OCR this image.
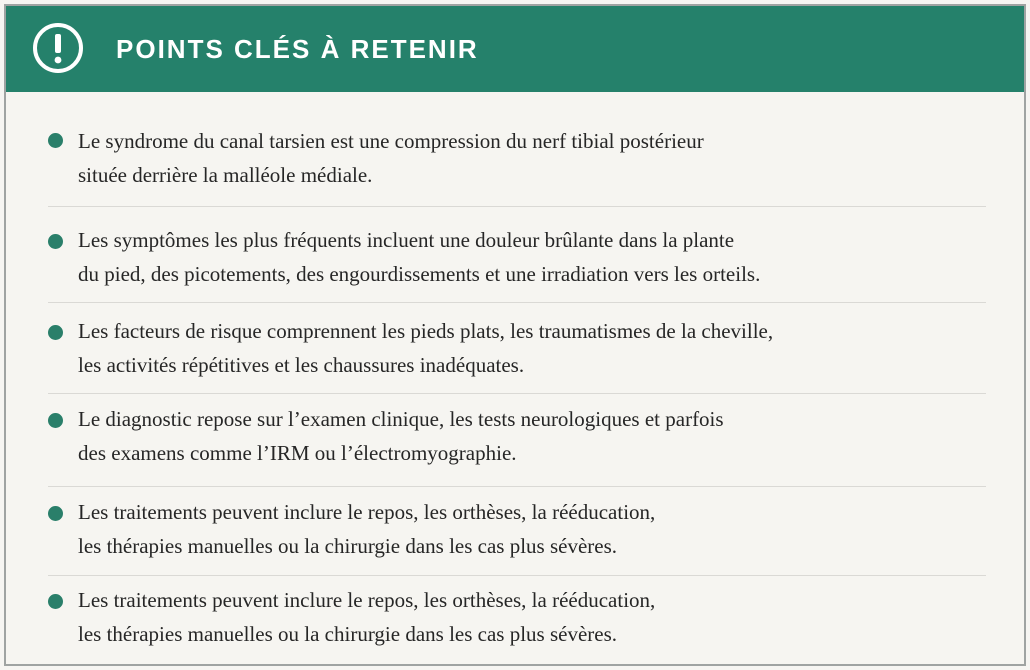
POINTS CLÉS À RETENIR
Le syndrome du canal tarsien est une compression du nerf tibial postérieur
située derrière la malléole médiale.
Les symptômes les plus fréquents incluent une douleur brûlante dans la plante
du pied, des picotements, des engourdissements et une irradiation vers les orteils.
Les facteurs de risque comprennent les pieds plats, les traumatismes de la cheville,
les activités répétitives et les chaussures inadéquates.
Le diagnostic repose sur l’examen clinique, les tests neurologiques et parfois
des examens comme l’IRM ou l’électromyographie.
Les traitements peuvent inclure le repos, les orthèses, la rééducation,
les thérapies manuelles ou la chirurgie dans les cas plus sévères.
Les traitements peuvent inclure le repos, les orthèses, la rééducation,
les thérapies manuelles ou la chirurgie dans les cas plus sévères.
